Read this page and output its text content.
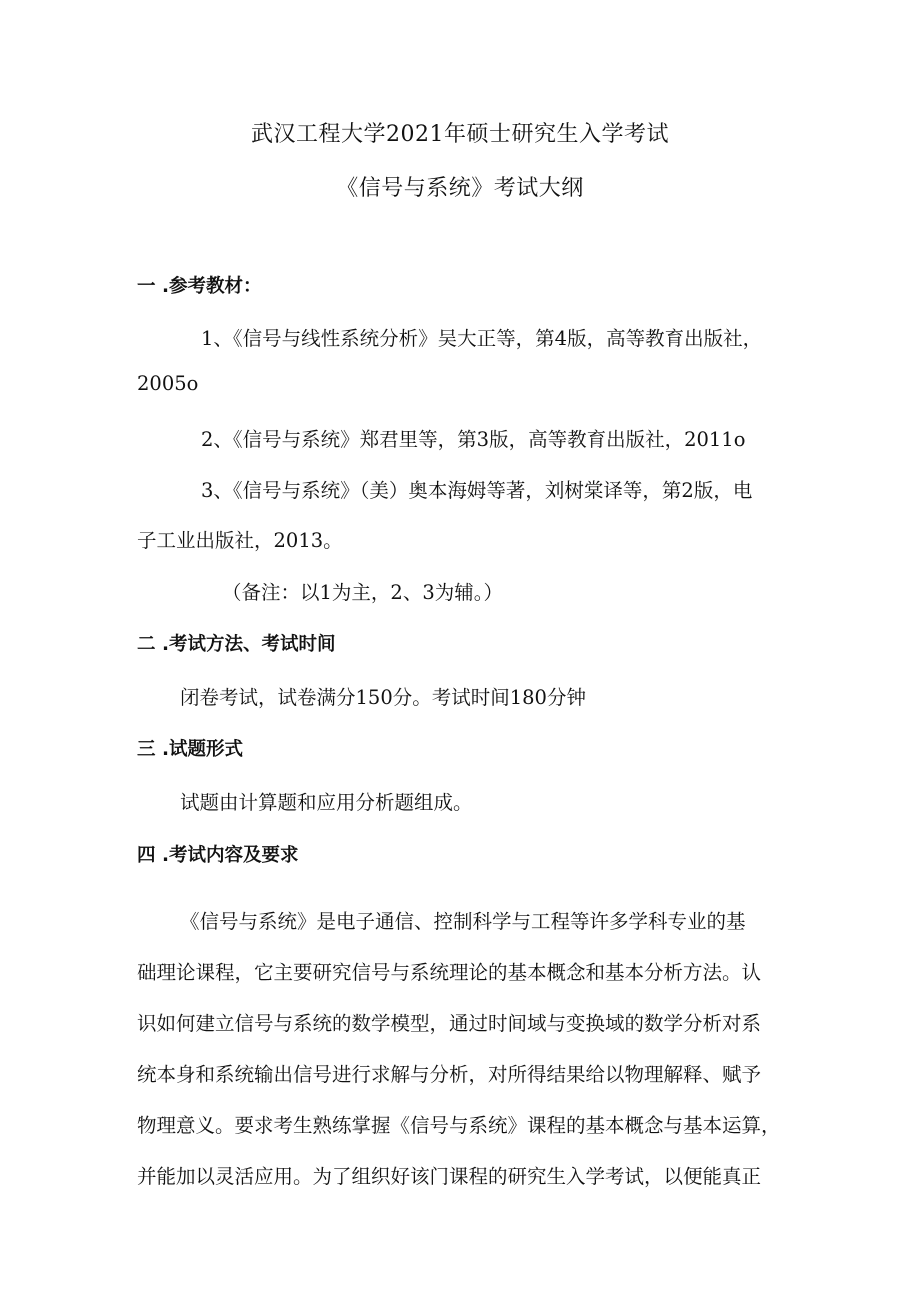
武汉工程大学2021年硕士研究生入学考试
《信号与系统》考试大纲
一 .参考教材：
1、《信号与线性系统分析》吴大正等，第4版，高等教育出版社，
2005o
2、《信号与系统》郑君里等，第3版，高等教育出版社，2011o
3、《信号与系统》（美）奥本海姆等著，刘树棠译等，第2版，电
子工业出版社，2013。
（备注：以1为主，2、3为辅。）
二 .考试方法、考试时间
闭卷考试，试卷满分150分。考试时间180分钟
三 .试题形式
试题由计算题和应用分析题组成。
四 .考试内容及要求
《信号与系统》是电子通信、控制科学与工程等许多学科专业的基
础理论课程，它主要研究信号与系统理论的基本概念和基本分析方法。认
识如何建立信号与系统的数学模型，通过时间域与变换域的数学分析对系
统本身和系统输出信号进行求解与分析，对所得结果给以物理解释、赋予
物理意义。要求考生熟练掌握《信号与系统》课程的基本概念与基本运算，
并能加以灵活应用。为了组织好该门课程的研究生入学考试，以便能真正
